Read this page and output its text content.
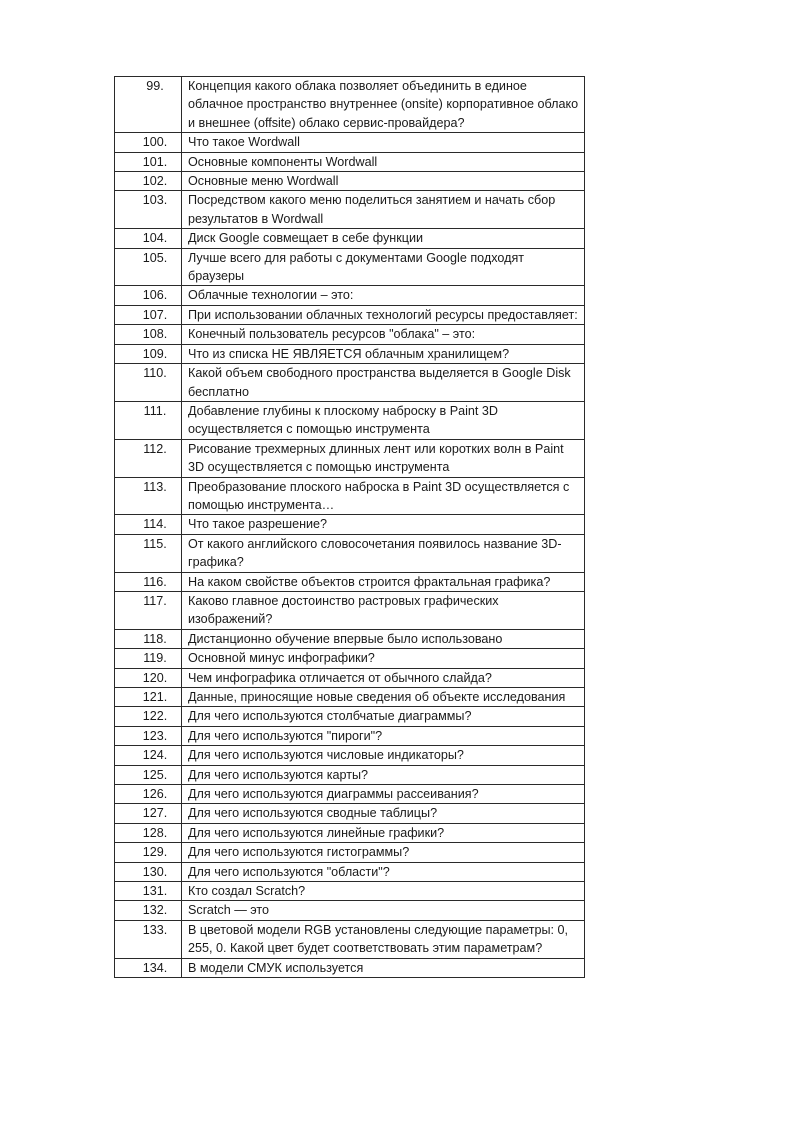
99.	Концепция какого облака позволяет объединить в единое облачное пространство внутреннее (onsite) корпоративное облако и внешнее (offsite) облако сервис-провайдера?
100.	Что такое Wordwall
101.	Основные компоненты Wordwall
102.	Основные меню Wordwall
103.	Посредством какого меню поделиться занятием и начать сбор результатов в Wordwall
104.	Диск Google совмещает в себе функции
105.	Лучше всего для работы с документами Google подходят браузеры
106.	Облачные технологии – это:
107.	При использовании облачных технологий ресурсы предоставляет:
108.	Конечный пользователь ресурсов "облака" – это:
109.	Что из списка НЕ ЯВЛЯЕТСЯ облачным хранилищем?
110.	Какой объем свободного пространства выделяется в Google Disk бесплатно
111.	Добавление глубины к плоскому наброску в Paint 3D осуществляется с помощью инструмента
112.	Рисование трехмерных длинных лент или коротких волн в Paint 3D осуществляется с помощью инструмента
113.	Преобразование плоского наброска в Paint 3D осуществляется с помощью инструмента…
114.	Что такое разрешение?
115.	От какого английского словосочетания появилось название 3D-графика?
116.	На каком свойстве объектов строится фрактальная графика?
117.	Каково главное достоинство растровых графических изображений?
118.	Дистанционно обучение впервые было использовано
119.	Основной минус инфографики?
120.	Чем инфографика отличается от обычного слайда?
121.	Данные, приносящие новые сведения об объекте исследования
122.	Для чего используются столбчатые диаграммы?
123.	Для чего используются "пироги"?
124.	Для чего используются числовые индикаторы?
125.	Для чего используются карты?
126.	Для чего используются диаграммы рассеивания?
127.	Для чего используются сводные таблицы?
128.	Для чего используются линейные графики?
129.	Для чего используются гистограммы?
130.	Для чего используются "области"?
131.	Кто создал Scratch?
132.	Scratch — это
133.	В цветовой модели RGB установлены следующие параметры: 0, 255, 0. Какой цвет будет соответствовать этим параметрам?
134.	В модели СМУК используется
